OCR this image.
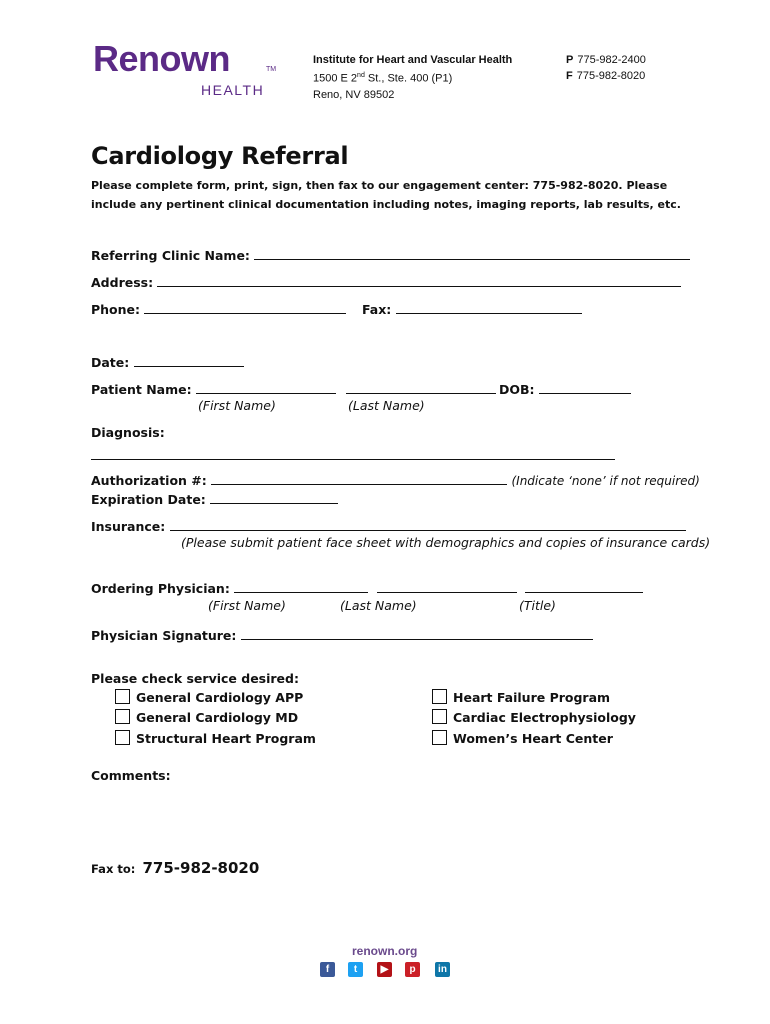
Renown	TM
HEALTH
Institute for Heart and Vascular Health
1500 E 2nd St., Ste. 400 (P1)
Reno, NV 89502
P 775-982-2400
F 775-982-8020
Cardiology Referral
Please complete form, print, sign, then fax to our engagement center: 775-982-8020. Please include any pertinent clinical documentation including notes, imaging reports, lab results, etc.
Referring Clinic Name:
Address:
Phone:	Fax:
Date:
Patient Name:	DOB:
(First Name)	(Last Name)
Diagnosis:
Authorization #:	(Indicate ‘none’ if not required)
Expiration Date:
Insurance:
(Please submit patient face sheet with demographics and copies of insurance cards)
Ordering Physician:
(First Name)	(Last Name)	(Title)
Physician Signature:
Please check service desired:
General Cardiology APP
General Cardiology MD
Structural Heart Program
Heart Failure Program
Cardiac Electrophysiology
Women’s Heart Center
Comments:
Fax to: 775-982-8020
renown.org
f	t	▶	p	in
